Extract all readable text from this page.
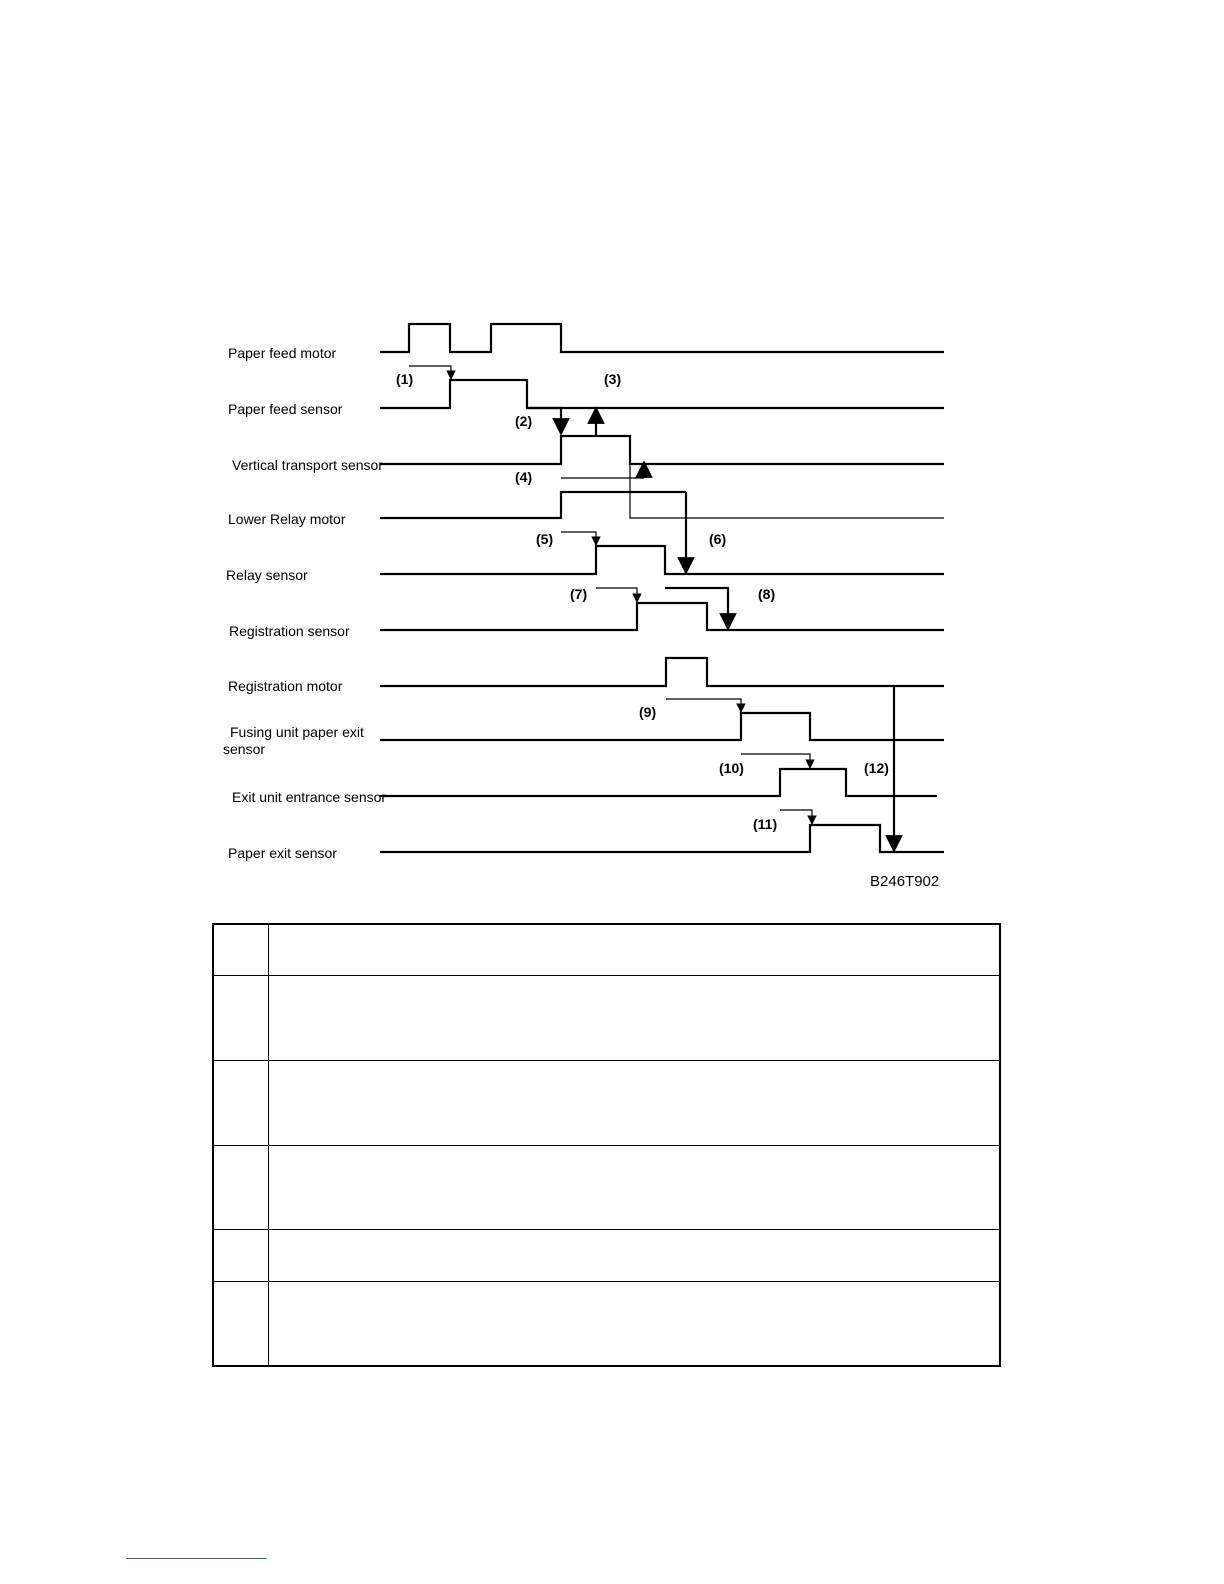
Paper feed motor
Paper feed sensor
Vertical transport sensor
Lower Relay motor
Relay sensor
Registration sensor
Registration motor
Fusing unit paper exit
sensor
Exit unit entrance sensor
Paper exit sensor
(1)
(2)
(3)
(4)
(5)	(6)
(7)	(8)
(9)
(10)	(12)
(11)
B246T902
